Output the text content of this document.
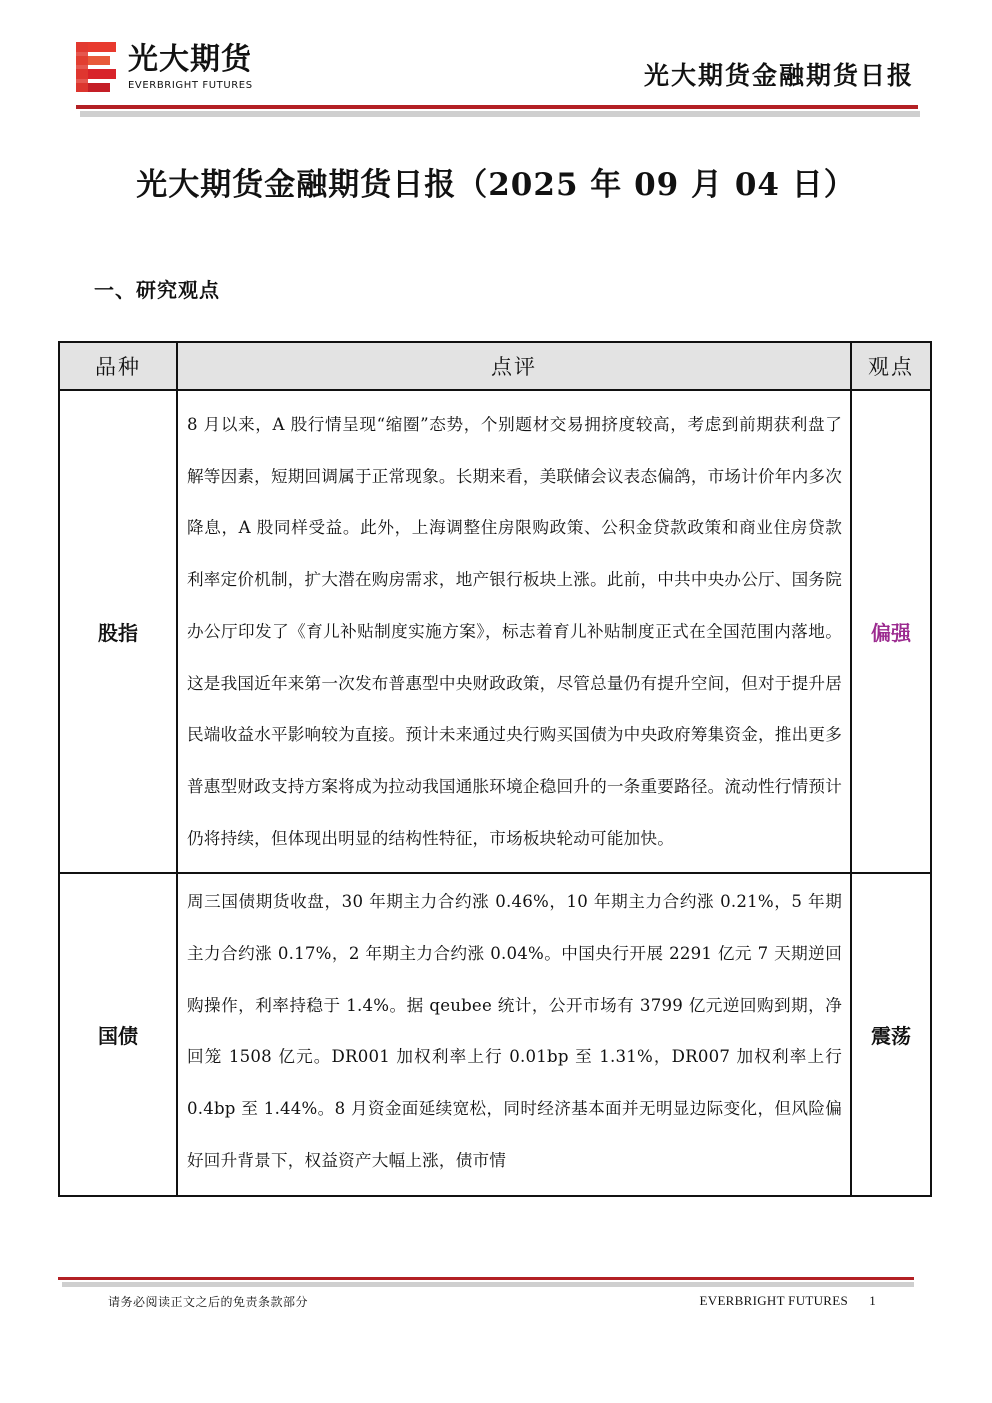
光大期货
EVERBRIGHT FUTURES	光大期货金融期货日报
光大期货金融期货日报（2025 年 09 月 04 日）
一、研究观点
品种	点评	观点
股指	8 月以来，A 股行情呈现“缩圈”态势，个别题材交易拥挤度较高，考虑到前期获利盘了解等因素，短期回调属于正常现象。长期来看，美联储会议表态偏鸽，市场计价年内多次降息，A 股同样受益。此外，上海调整住房限购政策、公积金贷款政策和商业住房贷款利率定价机制，扩大潜在购房需求，地产银行板块上涨。此前，中共中央办公厅、国务院办公厅印发了《育儿补贴制度实施方案》，标志着育儿补贴制度正式在全国范围内落地。这是我国近年来第一次发布普惠型中央财政政策，尽管总量仍有提升空间，但对于提升居民端收益水平影响较为直接。预计未来通过央行购买国债为中央政府筹集资金，推出更多普惠型财政支持方案将成为拉动我国通胀环境企稳回升的一条重要路径。流动性行情预计仍将持续，但体现出明显的结构性特征，市场板块轮动可能加快。	偏强
国债	周三国债期货收盘，30 年期主力合约涨 0.46%，10 年期主力合约涨 0.21%，5 年期主力合约涨 0.17%，2 年期主力合约涨 0.04%。中国央行开展 2291 亿元 7 天期逆回购操作，利率持稳于 1.4%。据 qeubee 统计，公开市场有 3799 亿元逆回购到期，净回笼 1508 亿元。DR001 加权利率上行 0.01bp 至 1.31%，DR007 加权利率上行 0.4bp 至 1.44%。8 月资金面延续宽松，同时经济基本面并无明显边际变化，但风险偏好回升背景下，权益资产大幅上涨，债市情	震荡
请务必阅读正文之后的免责条款部分	EVERBRIGHT FUTURES 1
